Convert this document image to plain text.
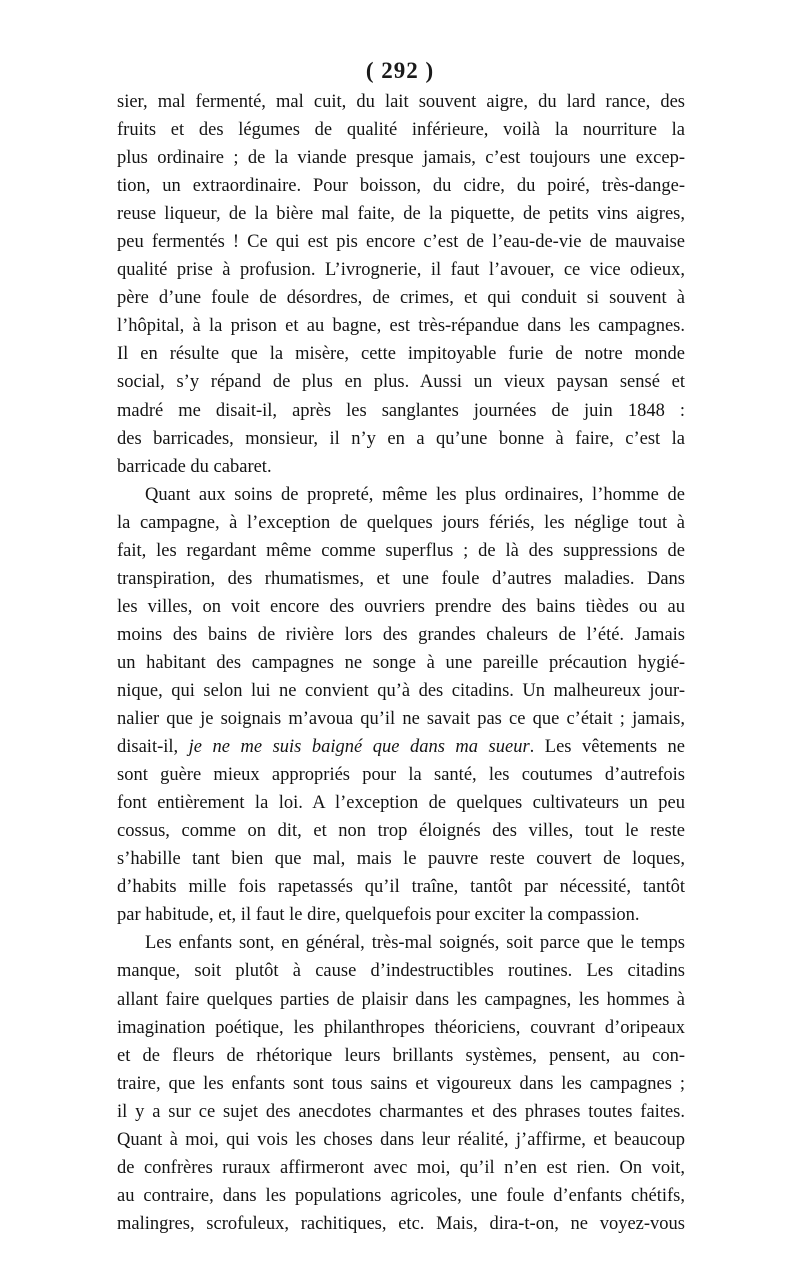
( 292 )
sier, mal fermenté, mal cuit, du lait souvent aigre, du lard rance, des
fruits et des légumes de qualité inférieure, voilà la nourriture la
plus ordinaire ; de la viande presque jamais, c’est toujours une excep-
tion, un extraordinaire. Pour boisson, du cidre, du poiré, très-dange-
reuse liqueur, de la bière mal faite, de la piquette, de petits vins aigres,
peu fermentés ! Ce qui est pis encore c’est de l’eau-de-vie de mauvaise
qualité prise à profusion. L’ivrognerie, il faut l’avouer, ce vice odieux,
père d’une foule de désordres, de crimes, et qui conduit si souvent à
l’hôpital, à la prison et au bagne, est très-répandue dans les campagnes.
Il en résulte que la misère, cette impitoyable furie de notre monde
social, s’y répand de plus en plus. Aussi un vieux paysan sensé et
madré me disait-il, après les sanglantes journées de juin 1848 :
des barricades, monsieur, il n’y en a qu’une bonne à faire, c’est la
barricade du cabaret.
Quant aux soins de propreté, même les plus ordinaires, l’homme de
la campagne, à l’exception de quelques jours fériés, les néglige tout à
fait, les regardant même comme superflus ; de là des suppressions de
transpiration, des rhumatismes, et une foule d’autres maladies. Dans
les villes, on voit encore des ouvriers prendre des bains tièdes ou au
moins des bains de rivière lors des grandes chaleurs de l’été. Jamais
un habitant des campagnes ne songe à une pareille précaution hygié-
nique, qui selon lui ne convient qu’à des citadins. Un malheureux jour-
nalier que je soignais m’avoua qu’il ne savait pas ce que c’était ; jamais,
disait-il, je ne me suis baigné que dans ma sueur. Les vêtements ne
sont guère mieux appropriés pour la santé, les coutumes d’autrefois
font entièrement la loi. A l’exception de quelques cultivateurs un peu
cossus, comme on dit, et non trop éloignés des villes, tout le reste
s’habille tant bien que mal, mais le pauvre reste couvert de loques,
d’habits mille fois rapetassés qu’il traîne, tantôt par nécessité, tantôt
par habitude, et, il faut le dire, quelquefois pour exciter la compassion.
Les enfants sont, en général, très-mal soignés, soit parce que le temps
manque, soit plutôt à cause d’indestructibles routines. Les citadins
allant faire quelques parties de plaisir dans les campagnes, les hommes à
imagination poétique, les philanthropes théoriciens, couvrant d’oripeaux
et de fleurs de rhétorique leurs brillants systèmes, pensent, au con-
traire, que les enfants sont tous sains et vigoureux dans les campagnes ;
il y a sur ce sujet des anecdotes charmantes et des phrases toutes faites.
Quant à moi, qui vois les choses dans leur réalité, j’affirme, et beaucoup
de confrères ruraux affirmeront avec moi, qu’il n’en est rien. On voit,
au contraire, dans les populations agricoles, une foule d’enfants chétifs,
malingres, scrofuleux, rachitiques, etc. Mais, dira-t-on, ne voyez-vous
